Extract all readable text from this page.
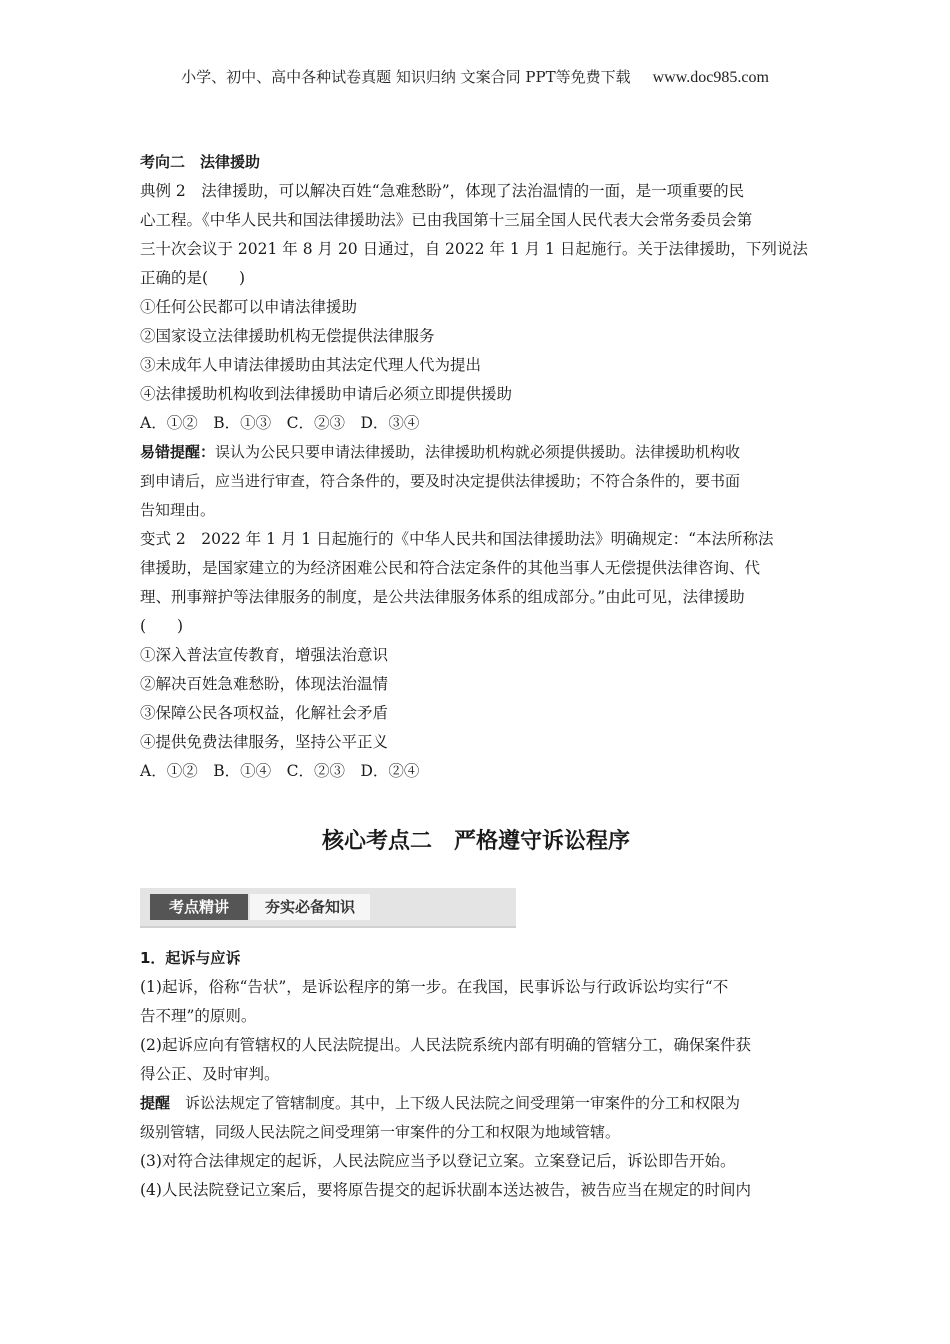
小学、初中、高中各种试卷真题 知识归纳 文案合同 PPT等免费下载 www.doc985.com
考向二　法律援助
典例 2　法律援助，可以解决百姓“急难愁盼”，体现了法治温情的一面，是一项重要的民
心工程。《中华人民共和国法律援助法》已由我国第十三届全国人民代表大会常务委员会第
三十次会议于 2021 年 8 月 20 日通过，自 2022 年 1 月 1 日起施行。关于法律援助，下列说法
正确的是(　　)
①任何公民都可以申请法律援助
②国家设立法律援助机构无偿提供法律服务
③未成年人申请法律援助由其法定代理人代为提出
④法律援助机构收到法律援助申请后必须立即提供援助
A．①②　B．①③　C．②③　D．③④
易错提醒：误认为公民只要申请法律援助，法律援助机构就必须提供援助。法律援助机构收
到申请后，应当进行审查，符合条件的，要及时决定提供法律援助；不符合条件的，要书面
告知理由。
变式 2　2022 年 1 月 1 日起施行的《中华人民共和国法律援助法》明确规定：“本法所称法
律援助，是国家建立的为经济困难公民和符合法定条件的其他当事人无偿提供法律咨询、代
理、刑事辩护等法律服务的制度，是公共法律服务体系的组成部分。”由此可见，法律援助
(　　)
①深入普法宣传教育，增强法治意识
②解决百姓急难愁盼，体现法治温情
③保障公民各项权益，化解社会矛盾
④提供免费法律服务，坚持公平正义
A．①②　B．①④　C．②③　D．②④
核心考点二　严格遵守诉讼程序
考点精讲	夯实必备知识
1．起诉与应诉
(1)起诉，俗称“告状”，是诉讼程序的第一步。在我国，民事诉讼与行政诉讼均实行“不
告不理”的原则。
(2)起诉应向有管辖权的人民法院提出。人民法院系统内部有明确的管辖分工，确保案件获
得公正、及时审判。
提醒　诉讼法规定了管辖制度。其中，上下级人民法院之间受理第一审案件的分工和权限为
级别管辖，同级人民法院之间受理第一审案件的分工和权限为地域管辖。
(3)对符合法律规定的起诉，人民法院应当予以登记立案。立案登记后，诉讼即告开始。
(4)人民法院登记立案后，要将原告提交的起诉状副本送达被告，被告应当在规定的时间内
